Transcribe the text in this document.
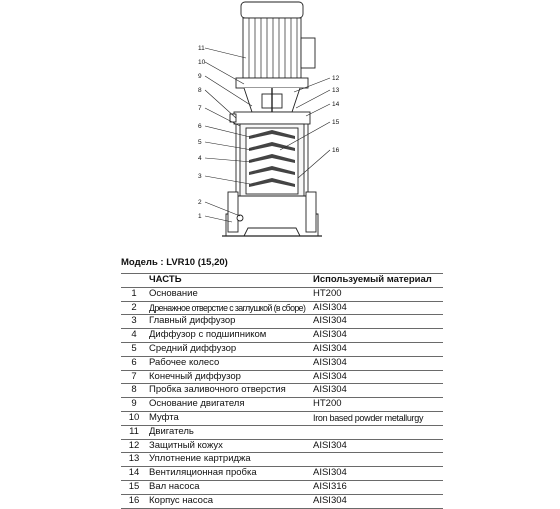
11
10
9
8
7
6
5
4
3
2
1
12
13
14
15
16
Модель : LVR10 (15,20)
	ЧАСТЬ	Используемый материал
1	Основание	HT200
2	Дренажное отверстие с заглушкой (в сборе)	AISI304
3	Главный диффузор	AISI304
4	Диффузор с подшипником	AISI304
5	Средний диффузор	AISI304
6	Рабочее колесо	AISI304
7	Конечный диффузор	AISI304
8	Пробка заливочного отверстия	AISI304
9	Основание двигателя	HT200
10	Муфта	Iron based powder metallurgy
11	Двигатель	
12	Защитный кожух	AISI304
13	Уплотнение картриджа	
14	Вентиляционная пробка	AISI304
15	Вал насоса	AISI316
16	Корпус насоса	AISI304
